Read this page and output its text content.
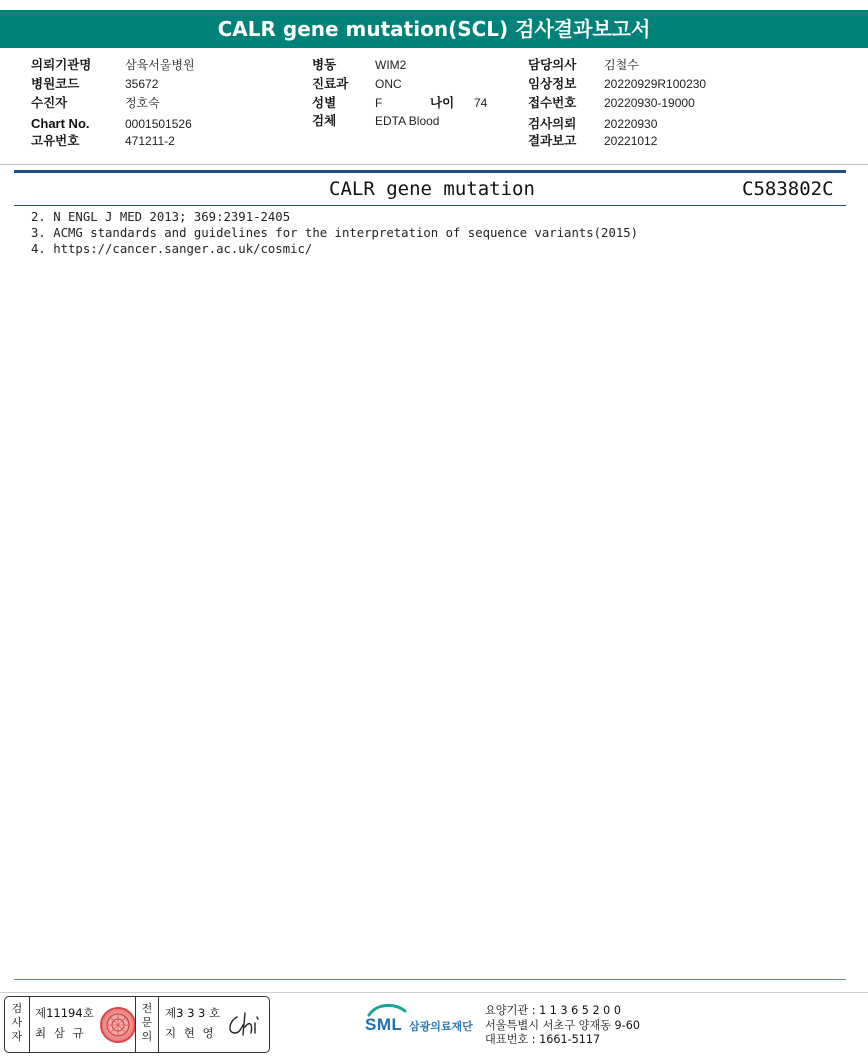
CALR gene mutation(SCL) 검사결과보고서
의뢰기관명	삼육서울병원
병원코드	35672
수진자	정호숙
Chart No.	0001501526
고유번호	471211-2
병동	WIM2
진료과 ONC
성별	F	나이 74
검체	EDTA Blood
담당의사 김철수
임상정보 20220929R100230
접수번호 20220930-19000
검사의뢰 20220930
결과보고 20221012
CALR gene mutation	C583802C
2. N ENGL J MED 2013; 369:2391-2405
3. ACMG standards and guidelines for the interpretation of sequence variants(2015)
4. https://cancer.sanger.ac.uk/cosmic/
검사자
제11194호
최 삼 규
전문의
제3 3 3 호
지 현 영	SML 삼광의료재단
요양기관 : 1 1 3 6 5 2 0 0
서울특별시 서초구 양재동 9-60
대표번호 : 1661-5117
